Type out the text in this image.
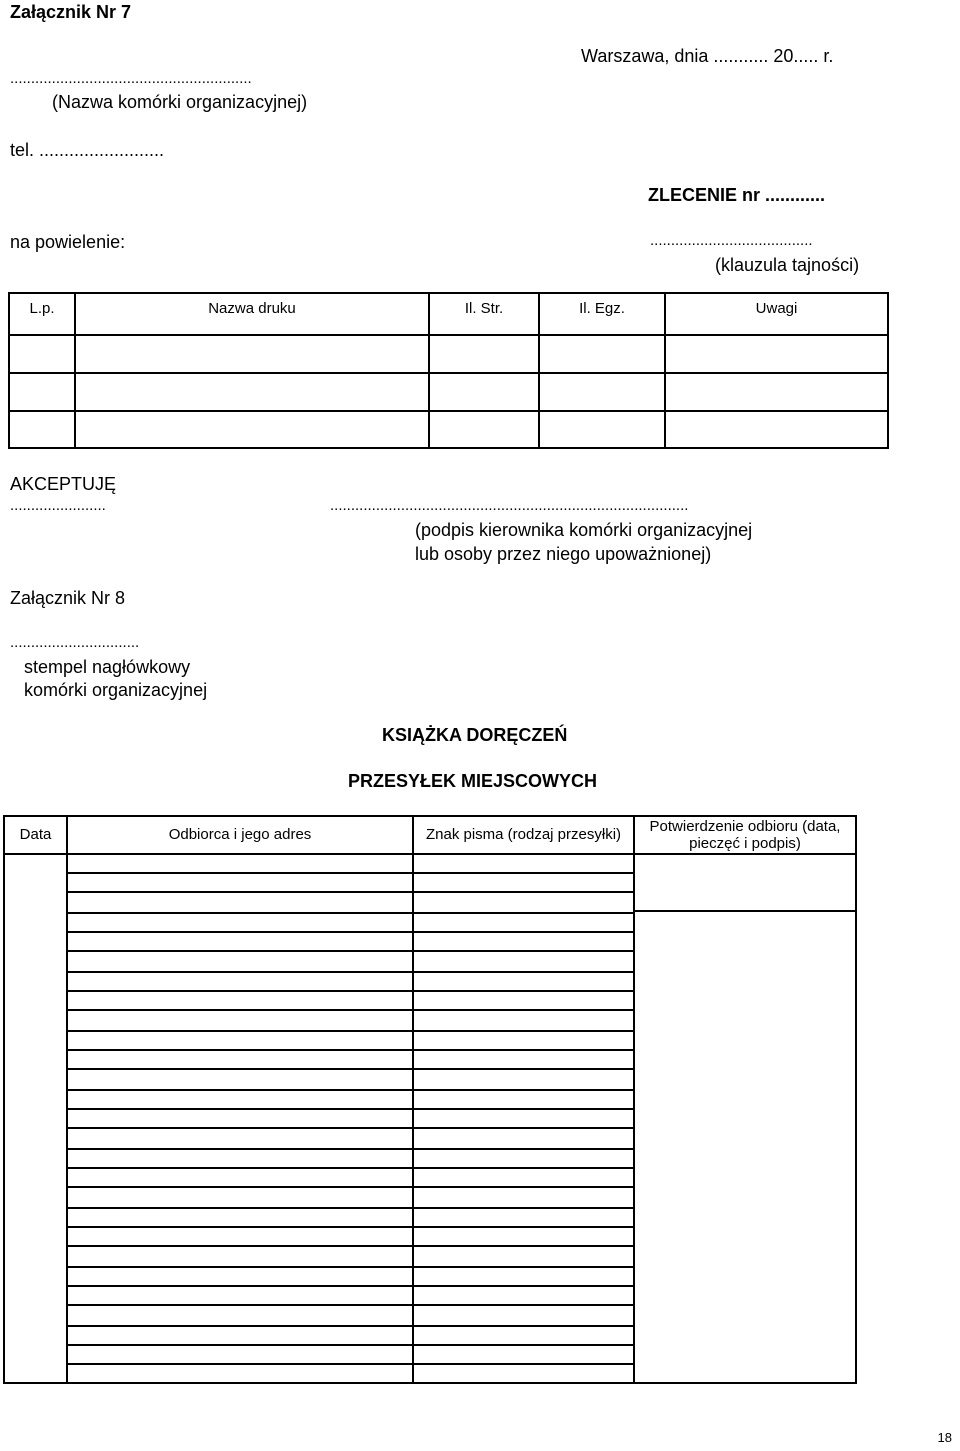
Załącznik Nr 7
Warszawa, dnia ........... 20..... r.
..........................................................
(Nazwa komórki organizacyjnej)
tel. .........................
ZLECENIE nr ............
na powielenie:	.......................................
(klauzula tajności)
L.p.	Nazwa druku	Il. Str.	Il. Egz.	Uwagi
AKCEPTUJĘ
.......................	......................................................................................
(podpis kierownika komórki organizacyjnej
lub osoby przez niego upoważnionej)
Załącznik Nr 8
...............................
stempel nagłówkowy
komórki organizacyjnej
KSIĄŻKA DORĘCZEŃ
PRZESYŁEK MIEJSCOWYCH
Data	Odbiorca i jego adres	Znak pisma (rodzaj przesyłki)	Potwierdzenie odbioru (data,
pieczęć i podpis)
18
